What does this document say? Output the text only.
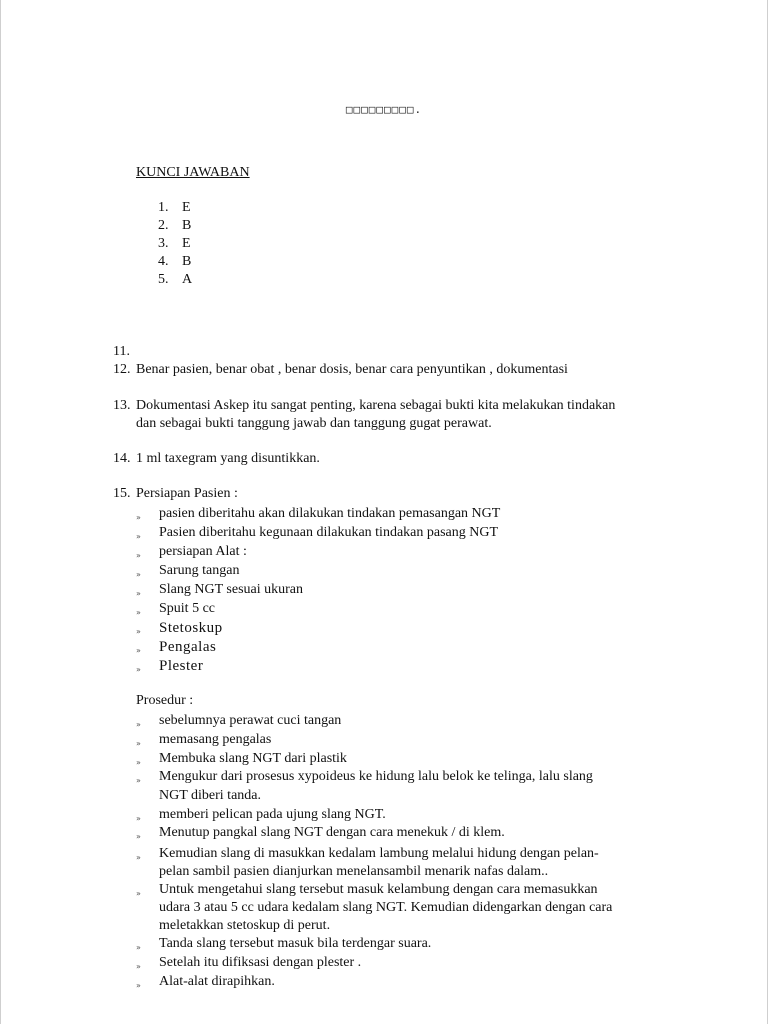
□□□□□□□□□.
KUNCI JAWABAN
1. E
2. B
3. E
4. B
5. A
11.
12. Benar pasien, benar obat , benar dosis, benar cara penyuntikan , dokumentasi
13. Dokumentasi Askep itu sangat penting, karena sebagai bukti kita melakukan tindakan
dan sebagai bukti tanggung jawab dan tanggung gugat perawat.
14. 1 ml taxegram yang disuntikkan.
15. Persiapan Pasien :
» pasien diberitahu akan dilakukan tindakan pemasangan NGT
» Pasien diberitahu kegunaan dilakukan tindakan pasang NGT
» persiapan Alat :
» Sarung tangan
» Slang NGT sesuai ukuran
» Spuit 5 cc
» Stetoskup
» Pengalas
» Plester
Prosedur :
» sebelumnya perawat cuci tangan
» memasang pengalas
» Membuka slang NGT dari plastik
» Mengukur dari prosesus xypoideus ke hidung lalu belok ke telinga, lalu slang
NGT diberi tanda.
» memberi pelican pada ujung slang NGT.
» Menutup pangkal slang NGT dengan cara menekuk / di klem.
» Kemudian slang di masukkan kedalam lambung melalui hidung dengan pelan-
pelan sambil pasien dianjurkan menelansambil menarik nafas dalam..
» Untuk mengetahui slang tersebut masuk kelambung dengan cara memasukkan
udara 3 atau 5 cc udara kedalam slang NGT. Kemudian didengarkan dengan cara
meletakkan stetoskup di perut.
» Tanda slang tersebut masuk bila terdengar suara.
» Setelah itu difiksasi dengan plester .
» Alat-alat dirapihkan.
